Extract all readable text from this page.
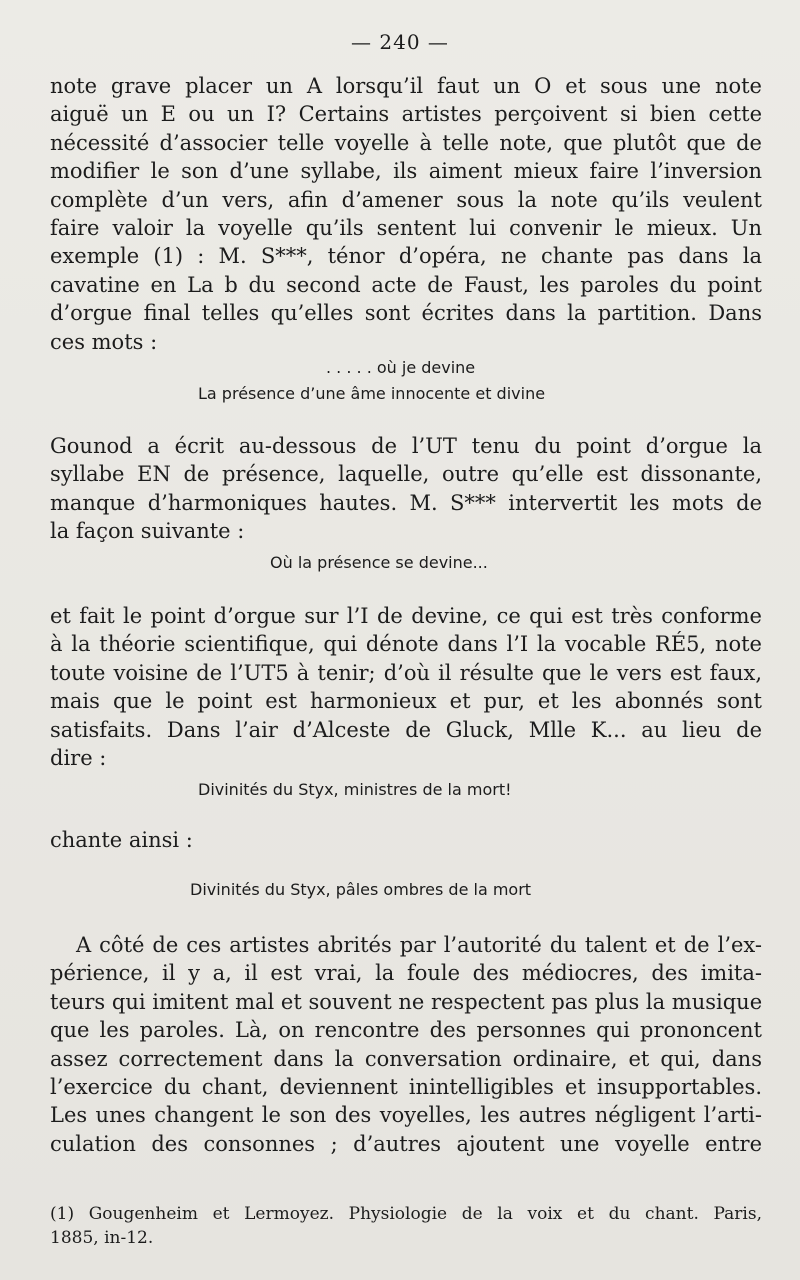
— 240 —
note grave placer un A lorsqu’il faut un O et sous une note
aiguë un E ou un I? Certains artistes perçoivent si bien cette
nécessité d’associer telle voyelle à telle note, que plutôt que de
modifier le son d’une syllabe, ils aiment mieux faire l’inversion
complète d’un vers, afin d’amener sous la note qu’ils veulent
faire valoir la voyelle qu’ils sentent lui convenir le mieux. Un
exemple (1) : M. S***, ténor d’opéra, ne chante pas dans la
cavatine en La b du second acte de Faust, les paroles du point
d’orgue final telles qu’elles sont écrites dans la partition. Dans
ces mots :
. . . . . où je devine
La présence d’une âme innocente et divine
Gounod a écrit au-dessous de l’UT tenu du point d’orgue la
syllabe EN de présence, laquelle, outre qu’elle est dissonante,
manque d’harmoniques hautes. M. S*** intervertit les mots de
la façon suivante :
Où la présence se devine...
et fait le point d’orgue sur l’I de devine, ce qui est très conforme
à la théorie scientifique, qui dénote dans l’I la vocable RÉ5, note
toute voisine de l’UT5 à tenir; d’où il résulte que le vers est faux,
mais que le point est harmonieux et pur, et les abonnés sont
satisfaits. Dans l’air d’Alceste de Gluck, Mlle K... au lieu de
dire :
Divinités du Styx, ministres de la mort!
chante ainsi :
Divinités du Styx, pâles ombres de la mort
A côté de ces artistes abrités par l’autorité du talent et de l’ex-
périence, il y a, il est vrai, la foule des médiocres, des imita-
teurs qui imitent mal et souvent ne respectent pas plus la musique
que les paroles. Là, on rencontre des personnes qui prononcent
assez correctement dans la conversation ordinaire, et qui, dans
l’exercice du chant, deviennent inintelligibles et insupportables.
Les unes changent le son des voyelles, les autres négligent l’arti-
culation des consonnes ; d’autres ajoutent une voyelle entre
(1) Gougenheim et Lermoyez. Physiologie de la voix et du chant. Paris,
1885, in-12.
